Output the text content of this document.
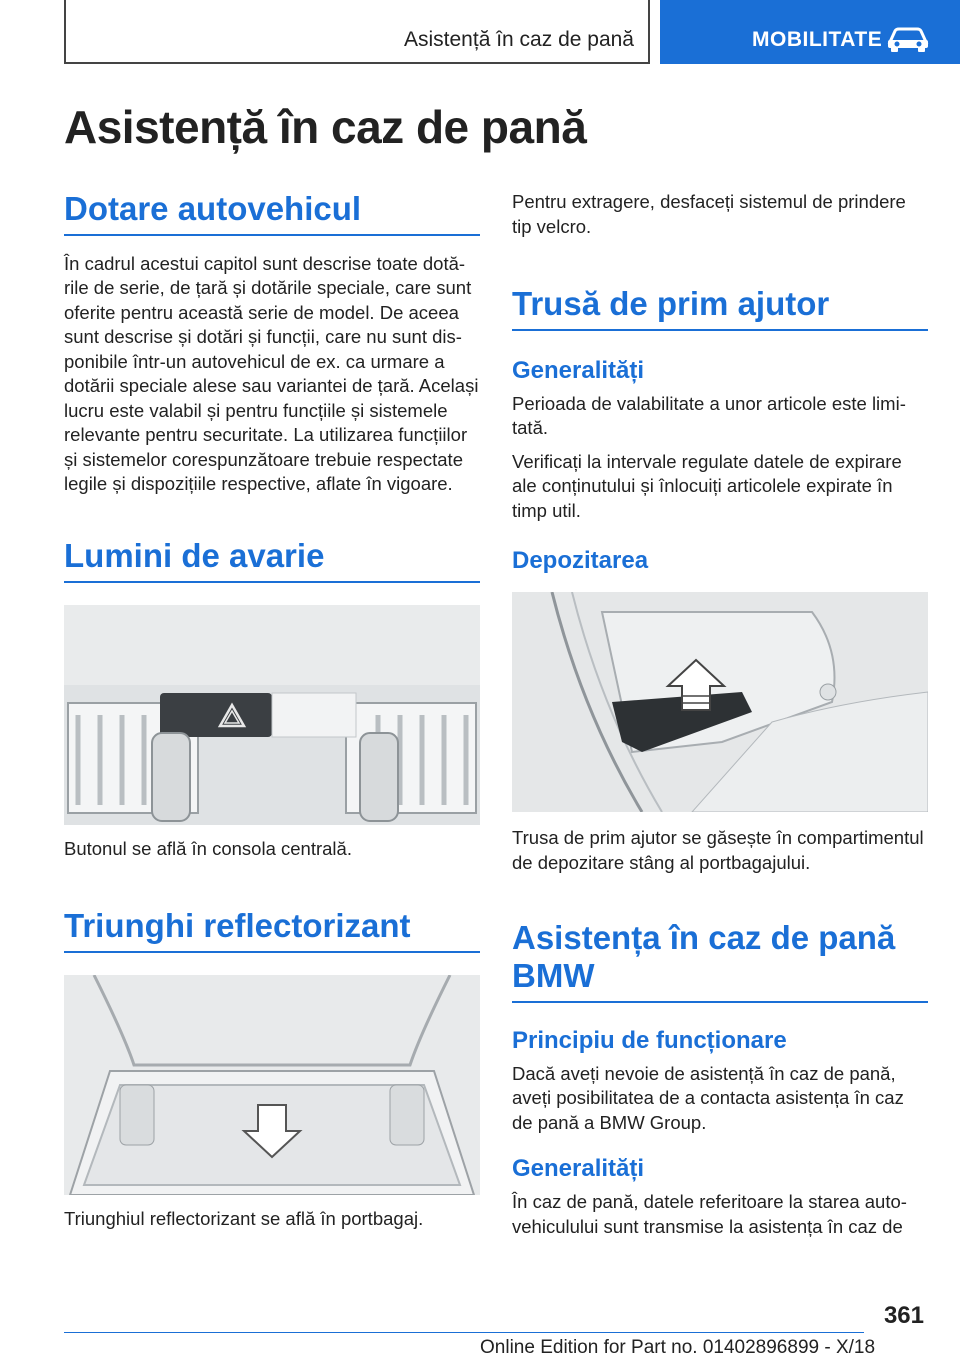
Asistență în caz de pană	MOBILITATE
Asistență în caz de pană
Dotare autovehicul

În cadrul acestui capitol sunt descrise toate dotările de serie, de țară și dotările speciale, care sunt oferite pentru această serie de model. De aceea sunt descrise și dotări și funcții, care nu sunt disponibile într-un autovehicul de ex. ca urmare a dotării speciale alese sau variantei de țară. Același lucru este valabil și pentru funcțiile și sistemele relevante pentru securitate. La utilizarea funcțiilor și sistemelor corespunzătoare trebuie respectate legile și dispozițiile respective, aflate în vigoare.

Lumini de avarie

Butonul se află în consola centrală.

Triunghi reflectorizant

Triunghiul reflectorizant se află în portbagaj.

Pentru extragere, desfaceți sistemul de prindere tip velcro.

Trusă de prim ajutor
Generalități

Perioada de valabilitate a unor articole este limitată.

Verificați la intervale regulate datele de expirare ale conținutului și înlocuiți articolele expirate în timp util.

Depozitarea

Trusa de prim ajutor se găsește în compartimentul de depozitare stâng al portbagajului.

Asistența în caz de pană BMW
Principiu de funcționare

Dacă aveți nevoie de asistență în caz de pană, aveți posibilitatea de a contacta asistența în caz de pană a BMW Group.

Generalități

În caz de pană, datele referitoare la starea autovehiculului sunt transmise la asistența în caz de

361
Online Edition for Part no. 01402896899 - X/18
